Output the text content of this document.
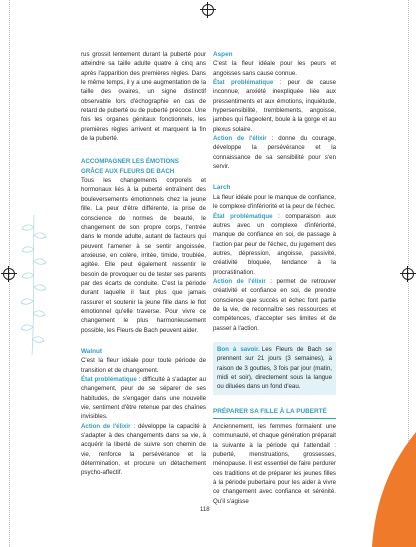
rus grossit lentement durant la puberté pour atteindre sa taille adulte quatre à cinq ans après l'apparition des premières règles. Dans le même temps, il y a une augmentation de la taille des ovaires, un signe distinctif observable lors d'échographie en cas de retard de puberté ou de puberté précoce. Une fois les organes génitaux fonctionnels, les premières règles arrivent et marquent la fin de la puberté.

ACCOMPAGNER LES ÉMOTIONS
GRÂCE AUX FLEURS DE BACH

Tous les changements corporels et hormonaux liés à la puberté entraînent des bouleversements émotionnels chez la jeune fille. La peur d'être différente, la prise de conscience de normes de beauté, le changement de son propre corps, l'entrée dans le monde adulte, autant de facteurs qui peuvent l'amener à se sentir angoissée, anxieuse, en colère, irritée, timide, troublée, agitée. Elle peut également ressentir le besoin de provoquer ou de tester ses parents par des écarts de conduite. C'est la période durant laquelle il faut plus que jamais rassurer et soutenir la jeune fille dans le flot émotionnel qu'elle traverse. Pour vivre ce changement le plus harmonieusement possible, les Fleurs de Bach peuvent aider.

Walnut

C'est la fleur idéale pour toute période de transition et de changement.

État problématique : difficulté à s'adapter au changement, peur de se séparer de ses habitudes, de s'engager dans une nouvelle vie, sentiment d'être retenue par des chaînes invisibles.

Action de l'élixir : développe la capacité à s'adapter à des changements dans sa vie, à acquérir la liberté de suivre son chemin de vie, renforce la persévérance et la détermination, et procure un détachement psycho-affectif.

Aspen

C'est la fleur idéale pour les peurs et angoisses sans cause connue.

État problématique : peur de cause inconnue, anxiété inexpliquée liée aux pressentiments et aux émotions, inquiétude, hypersensibilité, tremblements, angoisse, jambes qui flageolent, boule à la gorge et au plexus solaire.

Action de l'élixir : donne du courage, développe la persévérance et la connaissance de sa sensibilité pour s'en servir.

Larch

La fleur idéale pour le manque de confiance, le complexe d'infériorité et la peur de l'échec.

État problématique : comparaison aux autres avec un complexe d'infériorité, manque de confiance en soi, de passage à l'action par peur de l'échec, du jugement des autres, dépression, angoisse, passivité, créativité bloquée, tendance à la procrastination.

Action de l'élixir : permet de retrouver créativité et confiance en soi, de prendre conscience que succès et échec font partie de la vie, de reconnaître ses ressources et compétences, d'accepter ses limites et de passer à l'action.

Bon à savoir. Les Fleurs de Bach se prennent sur 21 jours (3 semaines), à raison de 3 gouttes, 3 fois par jour (matin, midi et soir), directement sous la langue ou diluées dans un fond d'eau.
PRÉPARER SA FILLE À LA PUBERTÉ

Anciennement, les femmes formaient une communauté, et chaque génération préparait la suivante à la période qui l'attendait : puberté, menstruations, grossesses, ménopause. Il est essentiel de faire perdurer ces traditions et de préparer les jeunes filles à la période pubertaire pour les aider à vivre ce changement avec confiance et sérénité. Qu'il s'agisse

118
